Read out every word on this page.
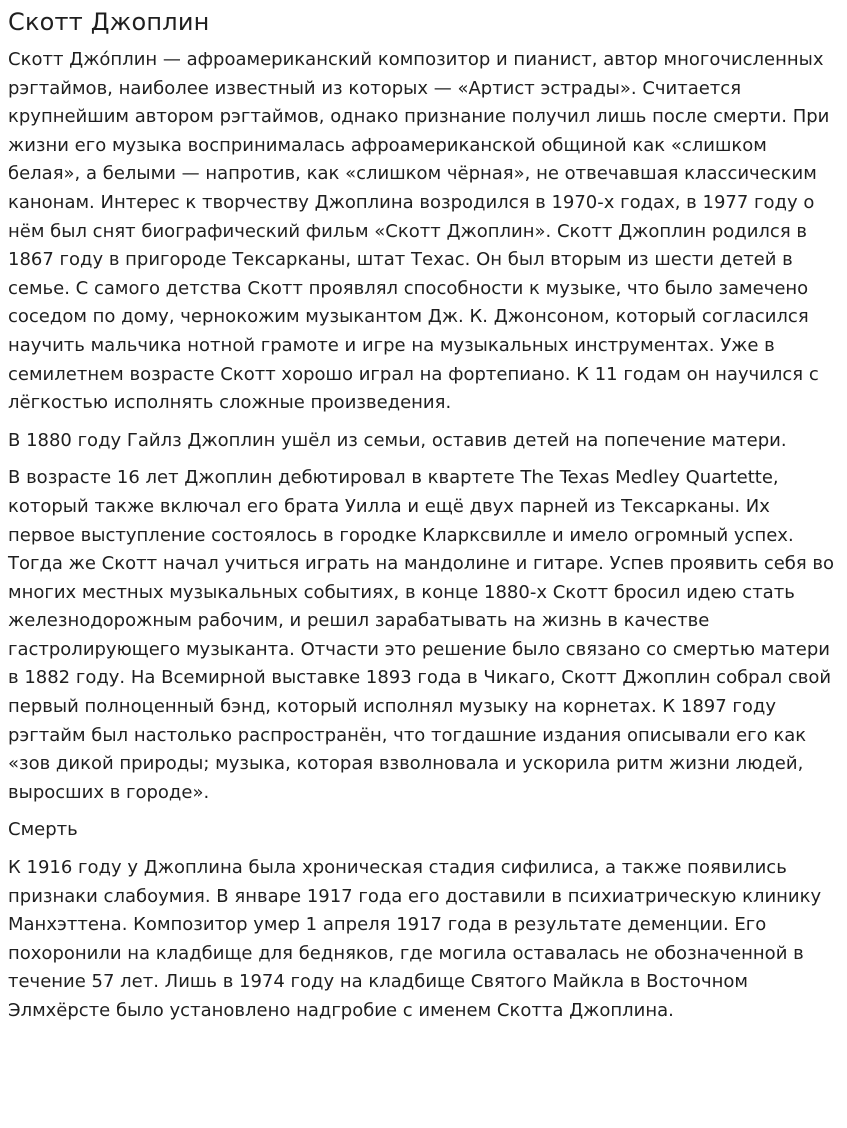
Скотт Джоплин

Скотт Джо́плин — афроамериканский композитор и пианист, автор многочисленных рэгтаймов, наиболее известный из которых — «Артист эстрады». Считается крупнейшим автором рэгтаймов, однако признание получил лишь после смерти. При жизни его музыка воспринималась афроамериканской общиной как «слишком белая», а белыми — напротив, как «слишком чёрная», не отвечавшая классическим канонам. Интерес к творчеству Джоплина возродился в 1970-х годах, в 1977 году о нём был снят биографический фильм «Скотт Джоплин». Скотт Джоплин родился в 1867 году в пригороде Тексарканы, штат Техас. Он был вторым из шести детей в семье. С самого детства Скотт проявлял способности к музыке, что было замечено соседом по дому, чернокожим музыкантом Дж. К. Джонсоном, который согласился научить мальчика нотной грамоте и игре на музыкальных инструментах. Уже в семилетнем возрасте Скотт хорошо играл на фортепиано. К 11 годам он научился с лёгкостью исполнять сложные произведения.

В 1880 году Гайлз Джоплин ушёл из семьи, оставив детей на попечение матери.

В возрасте 16 лет Джоплин дебютировал в квартете The Texas Medley Quartette, который также включал его брата Уилла и ещё двух парней из Тексарканы. Их первое выступление состоялось в городке Кларксвилле и имело огромный успех. Тогда же Скотт начал учиться играть на мандолине и гитаре. Успев проявить себя во многих местных музыкальных событиях, в конце 1880-х Скотт бросил идею стать железнодорожным рабочим, и решил зарабатывать на жизнь в качестве гастролирующего музыканта. Отчасти это решение было связано со смертью матери в 1882 году. На Всемирной выставке 1893 года в Чикаго, Скотт Джоплин собрал свой первый полноценный бэнд, который исполнял музыку на корнетах. К 1897 году рэгтайм был настолько распространён, что тогдашние издания описывали его как «зов дикой природы; музыка, которая взволновала и ускорила ритм жизни людей, выросших в городе».

Смерть

К 1916 году у Джоплина была хроническая стадия сифилиса, а также появились признаки слабоумия. В январе 1917 года его доставили в психиатрическую клинику Манхэттена. Композитор умер 1 апреля 1917 года в результате деменции. Его похоронили на кладбище для бедняков, где могила оставалась не обозначенной в течение 57 лет. Лишь в 1974 году на кладбище Святого Майкла в Восточном Элмхёрсте было установлено надгробие с именем Скотта Джоплина.
